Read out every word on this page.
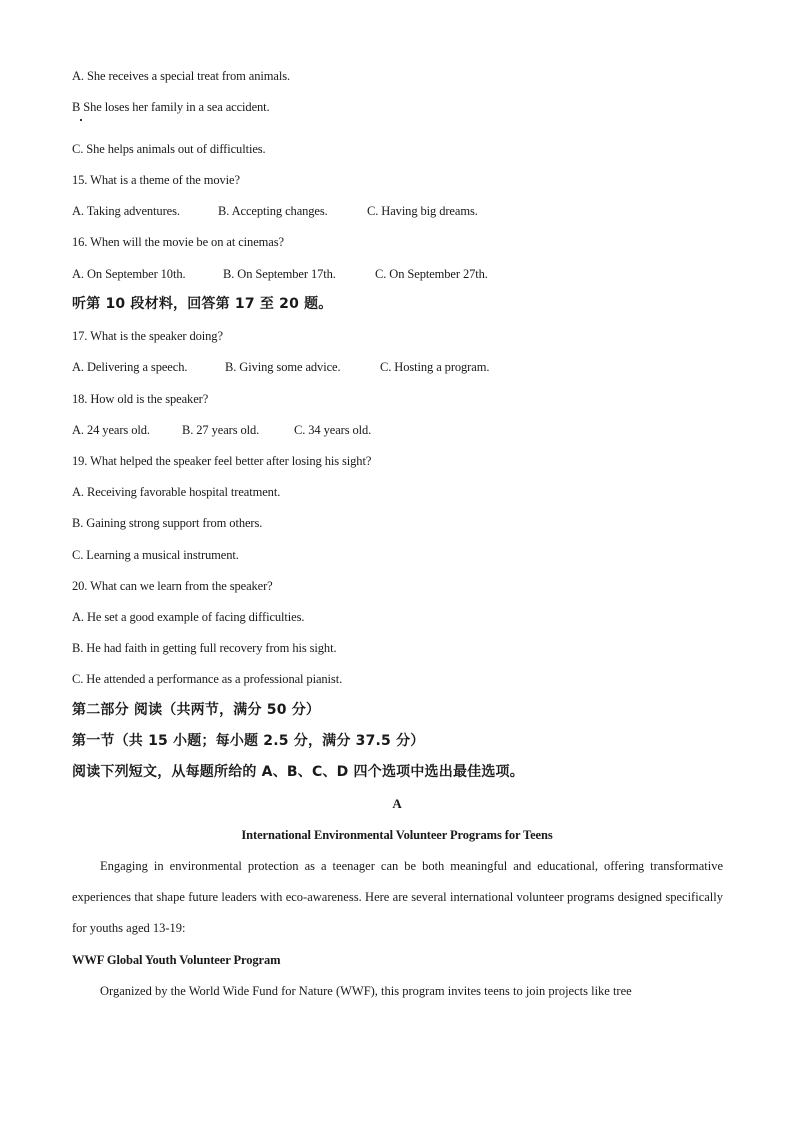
A. She receives a special treat from animals.
B She loses her family in a sea accident.
C. She helps animals out of difficulties.
15. What is a theme of the movie?
A. Taking adventures.	B. Accepting changes.	C. Having big dreams.
16. When will the movie be on at cinemas?
A. On September 10th.	B. On September 17th.	C. On September 27th.
听第 10 段材料，回答第 17 至 20 题。
17. What is the speaker doing?
A. Delivering a speech.	B. Giving some advice.	C. Hosting a program.
18. How old is the speaker?
A. 24 years old.	B. 27 years old.	C. 34 years old.
19. What helped the speaker feel better after losing his sight?
A. Receiving favorable hospital treatment.
B. Gaining strong support from others.
C. Learning a musical instrument.
20. What can we learn from the speaker?
A. He set a good example of facing difficulties.
B. He had faith in getting full recovery from his sight.
C. He attended a performance as a professional pianist.
第二部分 阅读（共两节，满分 50 分）
第一节（共 15 小题；每小题 2.5 分，满分 37.5 分）
阅读下列短文，从每题所给的 A、B、C、D 四个选项中选出最佳选项。
A
International Environmental Volunteer Programs for Teens
Engaging in environmental protection as a teenager can be both meaningful and educational, offering transformative experiences that shape future leaders with eco-awareness. Here are several international volunteer programs designed specifically for youths aged 13-19:
WWF Global Youth Volunteer Program
Organized by the World Wide Fund for Nature (WWF), this program invites teens to join projects like tree
